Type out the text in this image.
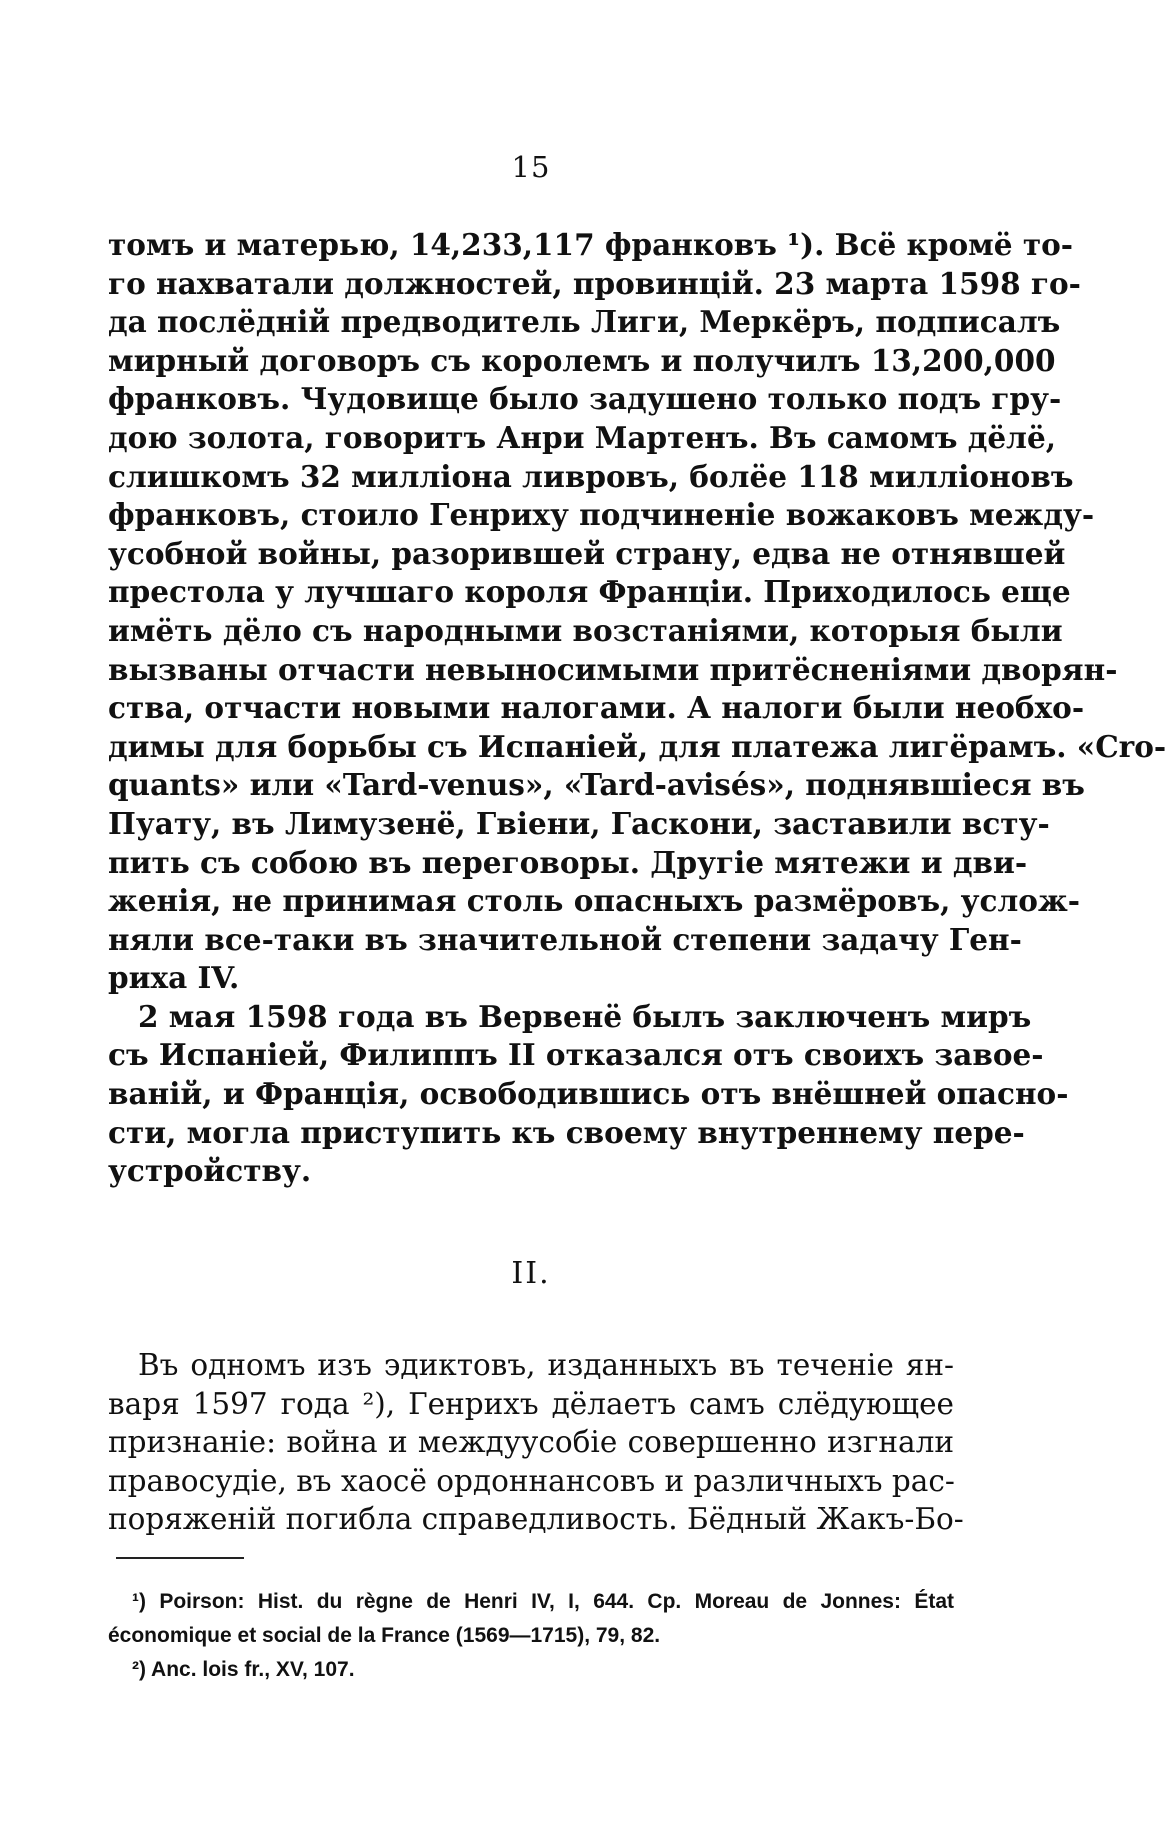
15
томъ и матерью, 14,233,117 франковъ ¹). Всё кромё то-
го нахватали должностей, провинцій. 23 марта 1598 го-
да послёдній предводитель Лиги, Меркёръ, подписалъ
мирный договоръ съ королемъ и получилъ 13,200,000
франковъ. Чудовище было задушено только подъ гру-
дою золота, говоритъ Анри Мартенъ. Въ самомъ дёлё,
слишкомъ 32 милліона ливровъ, болёе 118 милліоновъ
франковъ, стоило Генриху подчиненіе вожаковъ между-
усобной войны, разорившей страну, едва не отнявшей
престола у лучшаго короля Франціи. Приходилось еще
имёть дёло съ народными возстаніями, которыя были
вызваны отчасти невыносимыми притёсненіями дворян-
ства, отчасти новыми налогами. А налоги были необхо-
димы для борьбы съ Испаніей, для платежа лигёрамъ. «Cro-
quants» или «Tard-venus», «Tard-avisés», поднявшіеся въ
Пуату, въ Лимузенё, Гвіени, Гаскони, заставили всту-
пить съ собою въ переговоры. Другіе мятежи и дви-
женія, не принимая столь опасныхъ размёровъ, услож-
няли все-таки въ значительной степени задачу Ген-
риха IV.
2 мая 1598 года въ Вервенё былъ заключенъ миръ
съ Испаніей, Филиппъ II отказался отъ своихъ завое-
ваній, и Франція, освободившись отъ внёшней опасно-
сти, могла приступить къ своему внутреннему пере-
устройству.
II.
Въ одномъ изъ эдиктовъ, изданныхъ въ теченіе ян-
варя 1597 года ²), Генрихъ дёлаетъ самъ слёдующее
признаніе: война и междуусобіе совершенно изгнали
правосудіе, въ хаосё ордоннансовъ и различныхъ рас-
поряженій погибла справедливость. Бёдный Жакъ-Бо-
¹) Poirson: Hist. du règne de Henri IV, I, 644. Cp. Moreau de Jonnes: État
économique et social de la France (1569—1715), 79, 82.
²) Anc. lois fr., XV, 107.
